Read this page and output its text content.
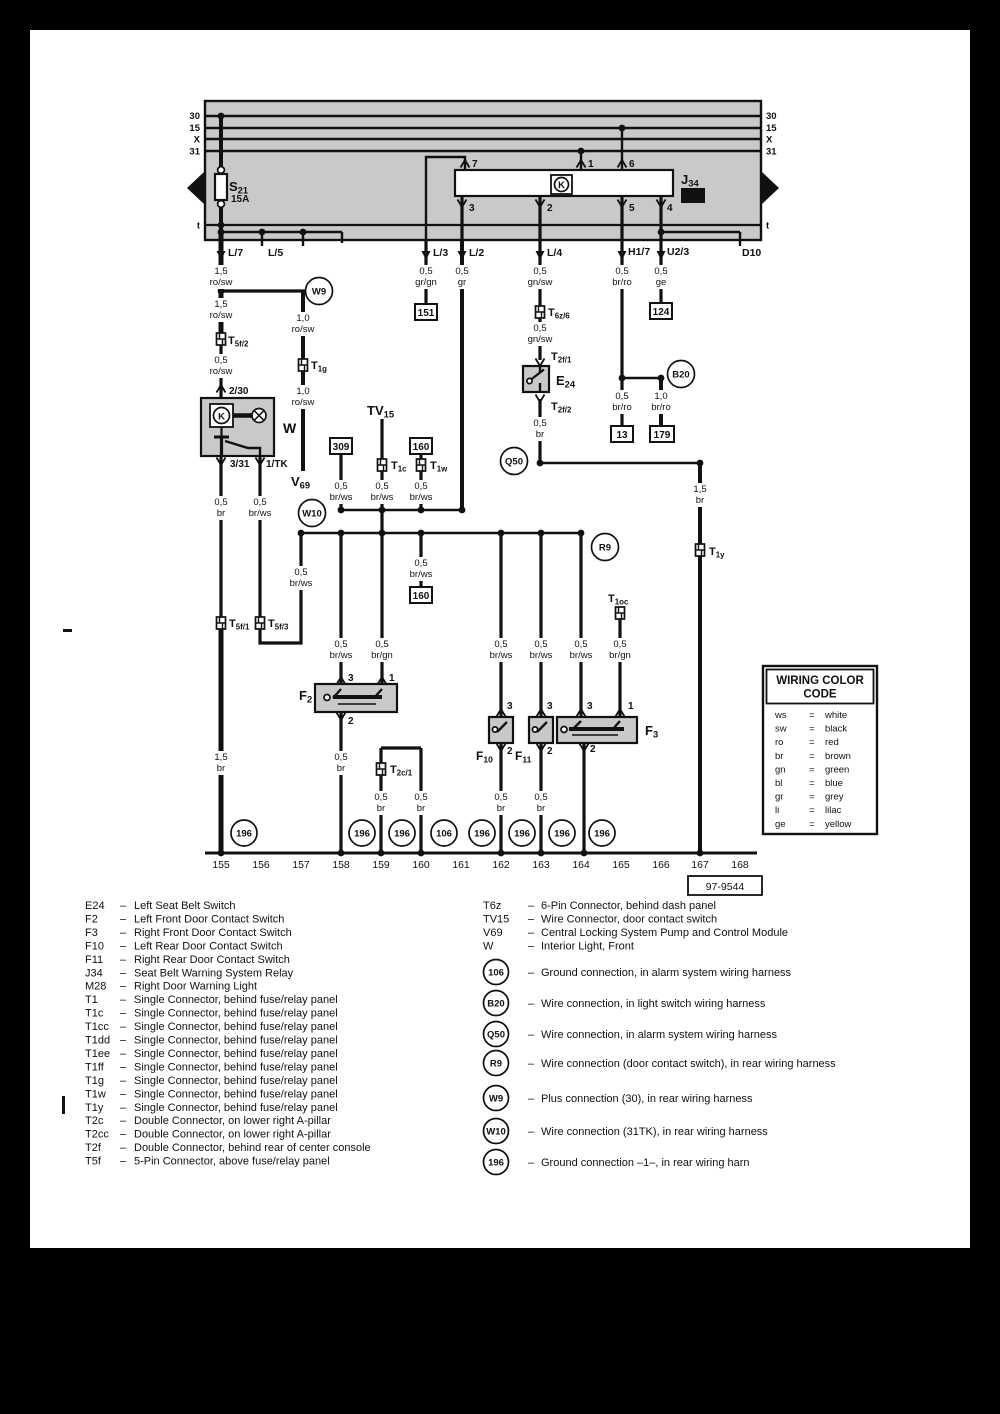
K
9
K
30	30
15	15
X	X
31	31
t	t
1,5 ro/sw
1,5 ro/sw
0,5 ro/sw
1,0 ro/sw
1,0 ro/sw
0,5 gr/gn
0,5 gr
0,5 gn/sw
0,5 gn/sw
0,5 br/ro
0,5 ge
0,5 br/ro
1,0 br/ro
0,5 br
1,5 br
0,5 br
0,5 br/ws
0,5 br/ws
0,5 br/ws
0,5 br/ws
0,5 br/ws
0,5 br/ws
0,5 br/ws
0,5 br/gn
0,5 br/ws
0,5 br/ws
0,5 br/ws
0,5 br/gn
1,5 br
0,5 br
0,5 br
0,5 br
0,5 br
0,5 br
S21
15A
J34
W
$T_{5f/2}$
$T_{1g}$
V69
TV15
$T_{1c}$ $T_{1w}$
$T_{6z/6}$
$T_{2f/1}$
E24
$T_{2f/2}$
$T_{5f/1}$ $T_{5f/3}$
$T_{1oc}$
$T_{1y}$
$T_{2c/1}$
F2
$F_{10}$ $F_{11}$
F3
7	1	6
3	2	5	4
2/30
3/31 1/TK
3	1
2
3
2
3
2
3	1
2
L/7 L/5	L/3 L/2	L/4	H1/7 U2/3	D10
151	124
13	179
309	160
160
W9
W10
Q50
R9
B20
196	196	196	106 196	196	196	196
155 156 157 158 159 160 161 162 163 164 165 166 167 168
97-9544
WIRING COLOR
CODE
ws = white
sw = black
ro	= red
br	= brown
gn = green
bl	= blue
gr	= grey
li	= lilac
ge = yellow
E24 – Left Seat Belt Switch
F2 – Left Front Door Contact Switch
F3 – Right Front Door Contact Switch
F10 – Left Rear Door Contact Switch
F11 – Right Rear Door Contact Switch
J34 – Seat Belt Warning System Relay
M28 – Right Door Warning Light
T1 – Single Connector, behind fuse/relay panel
T1c – Single Connector, behind fuse/relay panel
T1cc – Single Connector, behind fuse/relay panel
T1dd – Single Connector, behind fuse/relay panel
T1ee – Single Connector, behind fuse/relay panel
T1ff – Single Connector, behind fuse/relay panel
T1g – Single Connector, behind fuse/relay panel
T1w – Single Connector, behind fuse/relay panel
T1y – Single Connector, behind fuse/relay panel
T2c – Double Connector, on lower right A-pillar
T2cc – Double Connector, on lower right A-pillar
T2f – Double Connector, behind rear of center console
T5f – 5-Pin Connector, above fuse/relay panel
T6z – 6-Pin Connector, behind dash panel
TV15 – Wire Connector, door contact switch
V69 – Central Locking System Pump and Control Module
W	– Interior Light, Front
106 – Ground connection, in alarm system wiring harness
B20 – Wire connection, in light switch wiring harness
Q50 – Wire connection, in alarm system wiring harness
R9 – Wire connection (door contact switch), in rear wiring harness
W9 – Plus connection (30), in rear wiring harness
W10 – Wire connection (31TK), in rear wiring harness
196 – Ground connection –1–, in rear wiring harn
